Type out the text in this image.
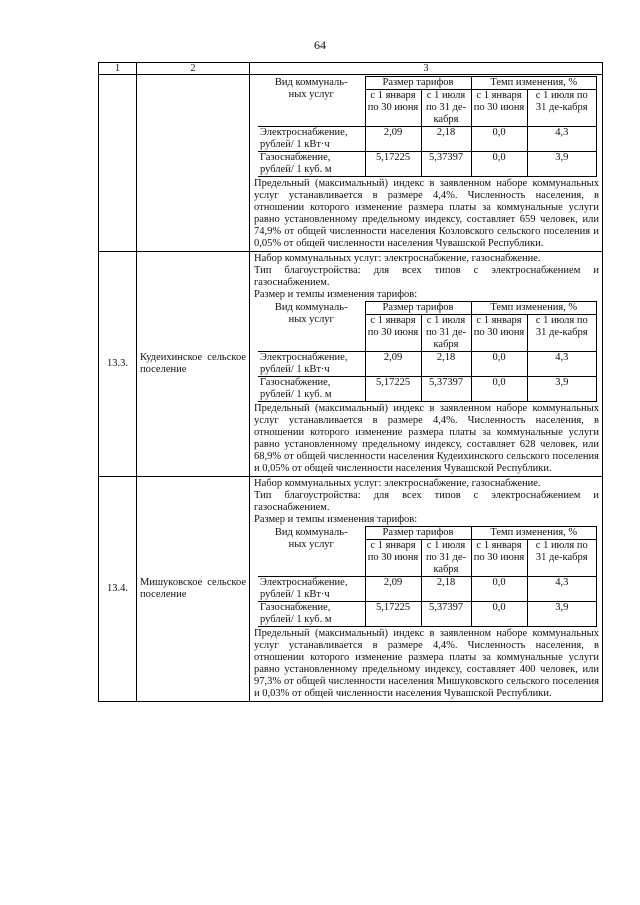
64
1	2	3

Вид коммуналь-ных услуг	Размер тарифов	Темп изменения, %
с 1 января по 30 июня	с 1 июля по 31 де-кабря	с 1 января по 30 июня	с 1 июля по 31 де-кабря
Электроснабжение, рублей/ 1 кВт·ч	2,09	2,18	0,0	4,3
Газоснабжение, рублей/ 1 куб. м	5,17225	5,37397	0,0	3,9
Предельный (максимальный) индекс в заявленном наборе коммунальных услуг устанавливается в размере 4,4%. Численность населения, в отношении которого изменение размера платы за коммунальные услуги равно установленному предельному индексу, составляет 659 человек, или 74,9% от общей численности населения Козловского сельского поселения и 0,05% от общей численности населения Чувашской Республики.

13.3.	Кудеихинское сельское поселение	
Набор коммунальных услуг: электроснабжение, газоснабжение.
Тип благоустройства: для всех типов с электроснабжением и газоснабжением.
Размер и темпы изменения тарифов:
Вид коммуналь-ных услуг	Размер тарифов	Темп изменения, %
с 1 января по 30 июня	с 1 июля по 31 де-кабря	с 1 января по 30 июня	с 1 июля по 31 де-кабря
Электроснабжение, рублей/ 1 кВт·ч	2,09	2,18	0,0	4,3
Газоснабжение, рублей/ 1 куб. м	5,17225	5,37397	0,0	3,9
Предельный (максимальный) индекс в заявленном наборе коммунальных услуг устанавливается в размере 4,4%. Численность населения, в отношении которого изменение размера платы за коммунальные услуги равно установленному предельному индексу, составляет 628 человек, или 68,9% от общей численности населения Кудеихинского сельского поселения и 0,05% от общей численности населения Чувашской Республики.

13.4.	Мишуковское сельское поселение	
Набор коммунальных услуг: электроснабжение, газоснабжение.
Тип благоустройства: для всех типов с электроснабжением и газоснабжением.
Размер и темпы изменения тарифов:
Вид коммуналь-ных услуг	Размер тарифов	Темп изменения, %
с 1 января по 30 июня	с 1 июля по 31 де-кабря	с 1 января по 30 июня	с 1 июля по 31 де-кабря
Электроснабжение, рублей/ 1 кВт·ч	2,09	2,18	0,0	4,3
Газоснабжение, рублей/ 1 куб. м	5,17225	5,37397	0,0	3,9
Предельный (максимальный) индекс в заявленном наборе коммунальных услуг устанавливается в размере 4,4%. Численность населения, в отношении которого изменение размера платы за коммунальные услуги равно установленному предельному индексу, составляет 400 человек, или 97,3% от общей численности населения Мишуковского сельского поселения и 0,03% от общей численности населения Чувашской Республики.
